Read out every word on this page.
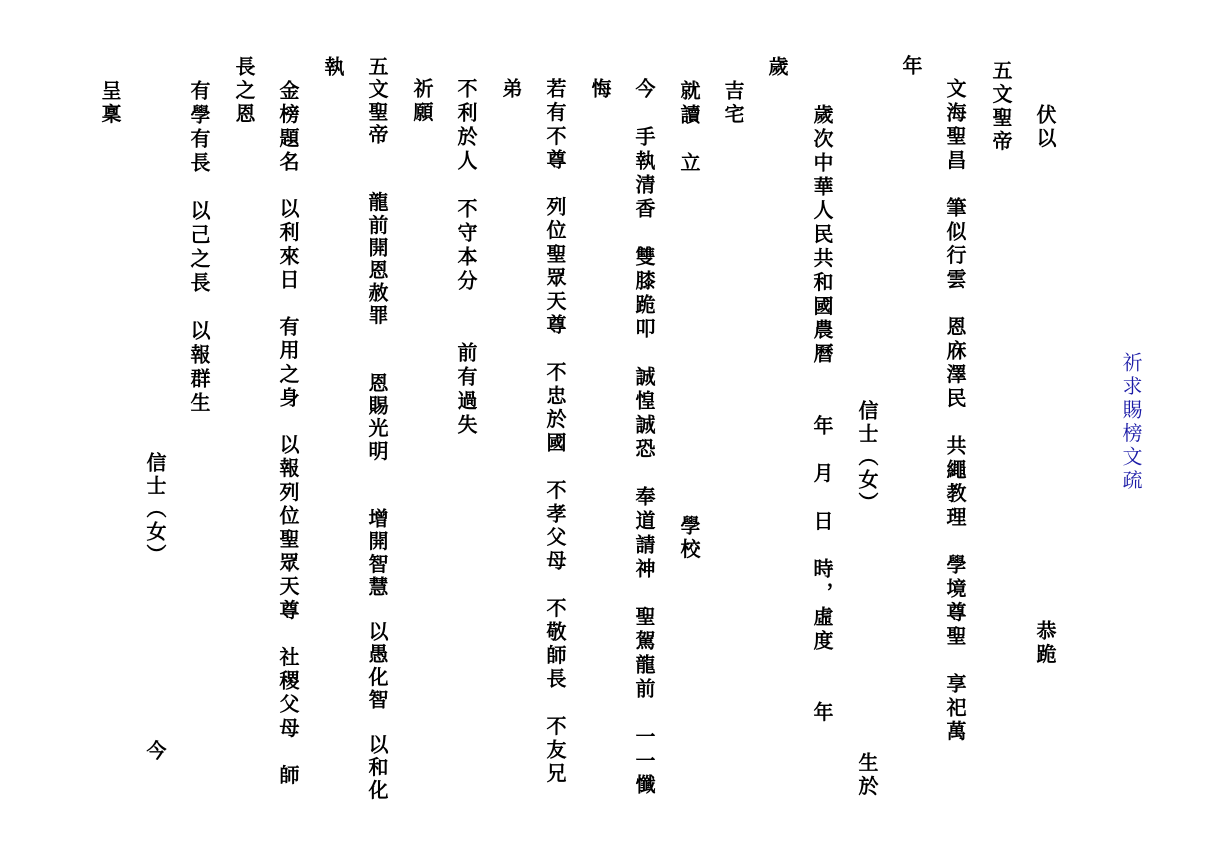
祈求賜榜文疏
伏以
恭跪
五文聖帝
文海聖昌　筆似行雲　恩庥澤民　共繩教理　學境尊聖　享祀萬
年
信士（女）
生於
歲次中華人民共和國農曆　　年　月　日　時，虛度　　年
歲
吉宅
就讀　立
學校
今　手執清香　雙膝跪叩　誠惶誠恐　奉道請神　聖駕龍前　一一懺
悔
若有不尊　列位聖眾天尊　不忠於國　不孝父母　不敬師長　不友兄
弟
不利於人　不守本分　　前有過失
祈願
五文聖帝　　龍前開恩赦罪　　恩賜光明　　增開智慧　以愚化智　以和化
執
金榜題名　以利來日　有用之身　以報列位聖眾天尊　社稷父母　師
長之恩
有學有長　以己之長　以報群生
信士（女）
今
呈稟
